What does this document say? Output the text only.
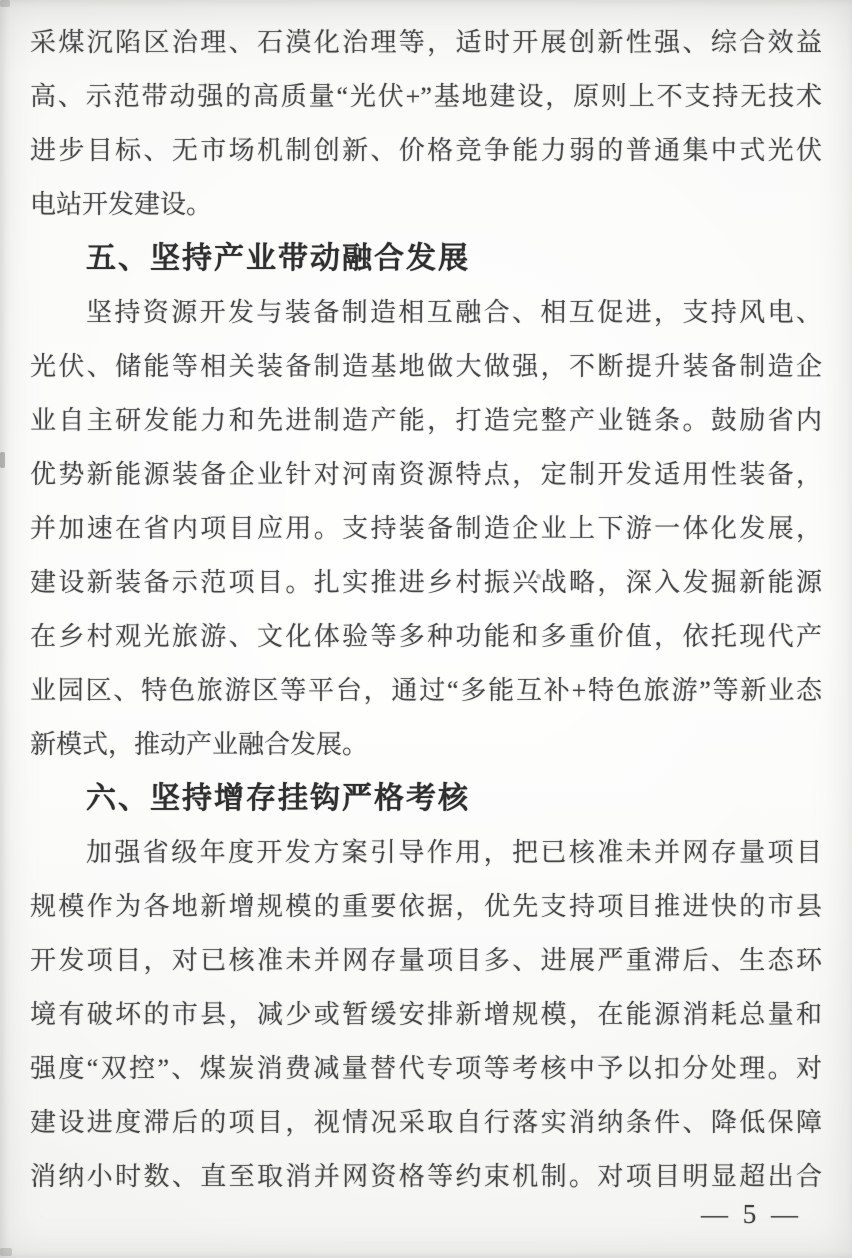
采煤沉陷区治理、石漠化治理等，适时开展创新性强、综合效益
高、示范带动强的高质量“光伏+”基地建设，原则上不支持无技术
进步目标、无市场机制创新、价格竞争能力弱的普通集中式光伏
电站开发建设。
五、坚持产业带动融合发展
坚持资源开发与装备制造相互融合、相互促进，支持风电、
光伏、储能等相关装备制造基地做大做强，不断提升装备制造企
业自主研发能力和先进制造产能，打造完整产业链条。鼓励省内
优势新能源装备企业针对河南资源特点，定制开发适用性装备，
并加速在省内项目应用。支持装备制造企业上下游一体化发展，
建设新装备示范项目。扎实推进乡村振兴战略，深入发掘新能源
在乡村观光旅游、文化体验等多种功能和多重价值，依托现代产
业园区、特色旅游区等平台，通过“多能互补+特色旅游”等新业态
新模式，推动产业融合发展。
六、坚持增存挂钩严格考核
加强省级年度开发方案引导作用，把已核准未并网存量项目
规模作为各地新增规模的重要依据，优先支持项目推进快的市县
开发项目，对已核准未并网存量项目多、进展严重滞后、生态环
境有破坏的市县，减少或暂缓安排新增规模，在能源消耗总量和
强度“双控”、煤炭消费减量替代专项等考核中予以扣分处理。对
建设进度滞后的项目，视情况采取自行落实消纳条件、降低保障
消纳小时数、直至取消并网资格等约束机制。对项目明显超出合
— 5 —
